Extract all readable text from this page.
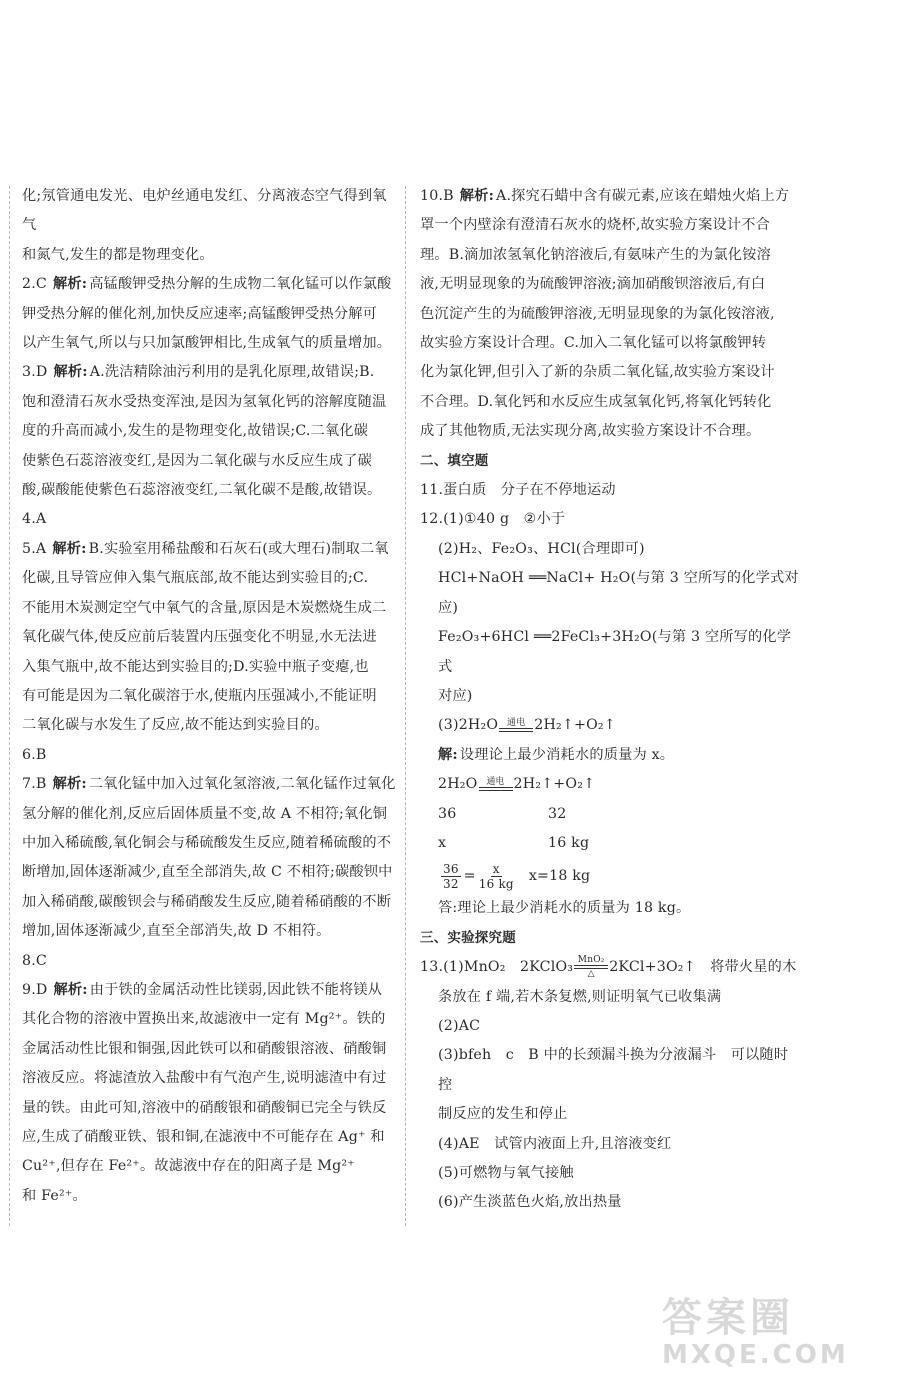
化;氖管通电发光、电炉丝通电发红、分离液态空气得到氧气

和氮气,发生的都是物理变化。

2.C 解析: 高锰酸钾受热分解的生成物二氧化锰可以作氯酸

钾受热分解的催化剂,加快反应速率;高锰酸钾受热分解可

以产生氧气,所以与只加氯酸钾相比,生成氧气的质量增加。

3.D 解析: A.洗洁精除油污利用的是乳化原理,故错误;B.

饱和澄清石灰水受热变浑浊,是因为氢氧化钙的溶解度随温

度的升高而减小,发生的是物理变化,故错误;C.二氧化碳

使紫色石蕊溶液变红,是因为二氧化碳与水反应生成了碳

酸,碳酸能使紫色石蕊溶液变红,二氧化碳不是酸,故错误。

4.A

5.A 解析: B.实验室用稀盐酸和石灰石(或大理石)制取二氧

化碳,且导管应伸入集气瓶底部,故不能达到实验目的;C.

不能用木炭测定空气中氧气的含量,原因是木炭燃烧生成二

氧化碳气体,使反应前后装置内压强变化不明显,水无法进

入集气瓶中,故不能达到实验目的;D.实验中瓶子变瘪,也

有可能是因为二氧化碳溶于水,使瓶内压强减小,不能证明

二氧化碳与水发生了反应,故不能达到实验目的。

6.B

7.B 解析: 二氧化锰中加入过氧化氢溶液,二氧化锰作过氧化

氢分解的催化剂,反应后固体质量不变,故 A 不相符;氧化铜

中加入稀硫酸,氧化铜会与稀硫酸发生反应,随着稀硫酸的不

断增加,固体逐渐减少,直至全部消失,故 C 不相符;碳酸钡中

加入稀硝酸,碳酸钡会与稀硝酸发生反应,随着稀硝酸的不断

增加,固体逐渐减少,直至全部消失,故 D 不相符。

8.C

9.D 解析: 由于铁的金属活动性比镁弱,因此铁不能将镁从

其化合物的溶液中置换出来,故滤液中一定有 Mg²⁺。铁的

金属活动性比银和铜强,因此铁可以和硝酸银溶液、硝酸铜

溶液反应。将滤渣放入盐酸中有气泡产生,说明滤渣中有过

量的铁。由此可知,溶液中的硝酸银和硝酸铜已完全与铁反

应,生成了硝酸亚铁、银和铜,在滤液中不可能存在 Ag⁺ 和

Cu²⁺,但存在 Fe²⁺。故滤液中存在的阳离子是 Mg²⁺

和 Fe²⁺。

10.B 解析: A.探究石蜡中含有碳元素,应该在蜡烛火焰上方

罩一个内壁涂有澄清石灰水的烧杯,故实验方案设计不合

理。B.滴加浓氢氧化钠溶液后,有氨味产生的为氯化铵溶

液,无明显现象的为硫酸钾溶液;滴加硝酸钡溶液后,有白

色沉淀产生的为硫酸钾溶液,无明显现象的为氯化铵溶液,

故实验方案设计合理。C.加入二氧化锰可以将氯酸钾转

化为氯化钾,但引入了新的杂质二氧化锰,故实验方案设计

不合理。D.氧化钙和水反应生成氢氧化钙,将氧化钙转化

成了其他物质,无法实现分离,故实验方案设计不合理。

二、填空题

11.蛋白质　分子在不停地运动

12.(1)①40 g　②小于

(2)H₂、Fe₂O₃、HCl(合理即可)

HCl+NaOH ══NaCl+ H₂O(与第 3 空所写的化学式对

应)

Fe₂O₃+6HCl ══2FeCl₃+3H₂O(与第 3 空所写的化学式

对应)

(3)2H₂O 通电 2H₂↑+O₂↑

解: 设理论上最少消耗水的质量为 x。

2H₂O 通电 2H₂↑+O₂↑

36	32

x	16 kg

$\frac{36}{32} = \frac{x}{16 kg} x=18$ kg

答:理论上最少消耗水的质量为 18 kg。

三、实验探究题

13.(1)MnO₂　2KClO₃ MnO₂
△ 2KCl+3O₂↑　将带火星的木

条放在 f 端,若木条复燃,则证明氧气已收集满

(2)AC

(3)bfeh　c　B 中的长颈漏斗换为分液漏斗　可以随时控

制反应的发生和停止

(4)AE　试管内液面上升,且溶液变红

(5)可燃物与氧气接触

(6)产生淡蓝色火焰,放出热量

答案圈
MXQE.COM
